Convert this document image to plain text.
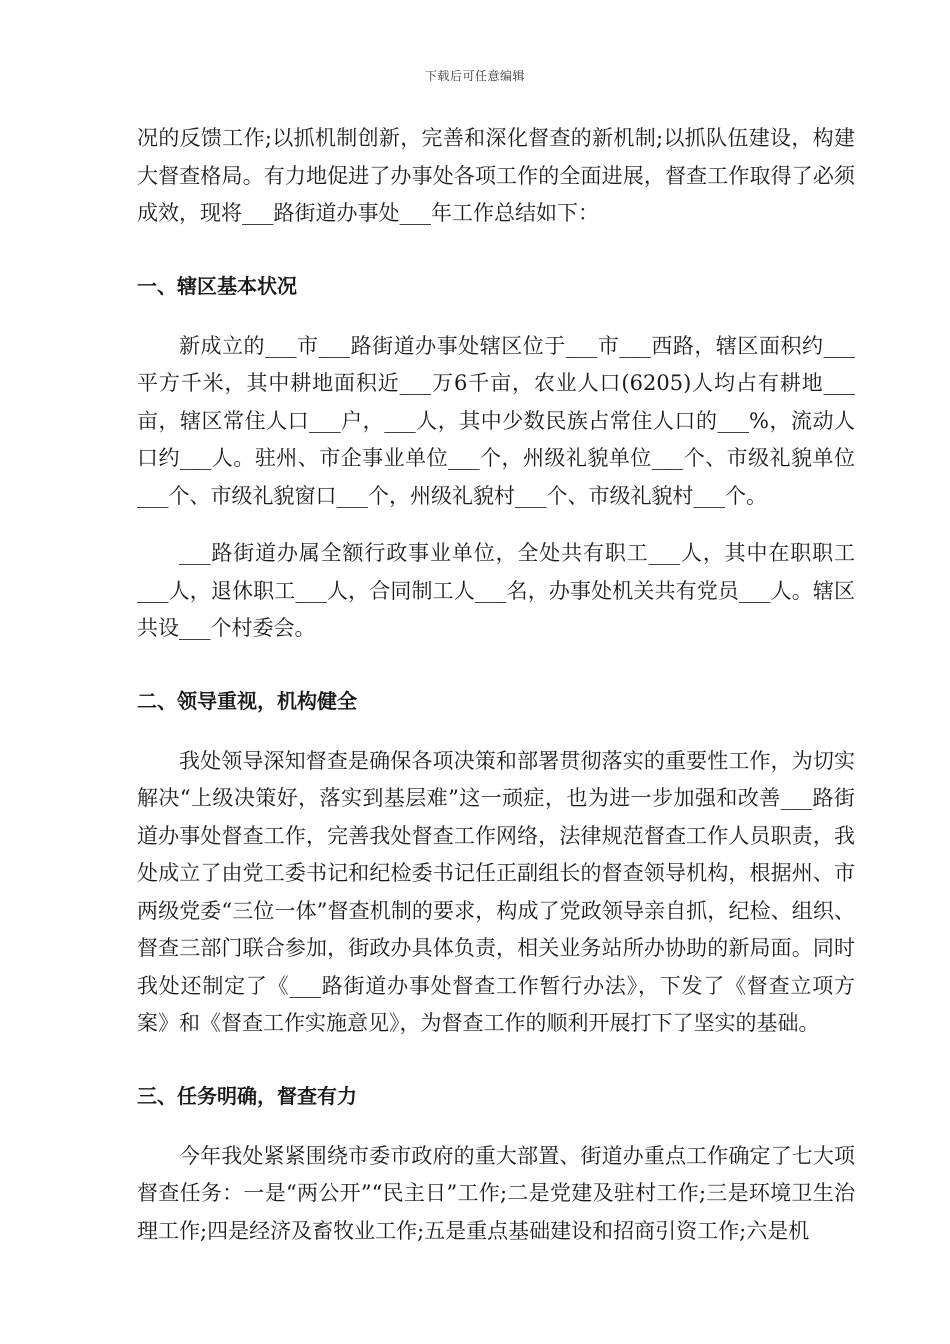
下载后可任意编辑

况的反馈工作;以抓机制创新，完善和深化督查的新机制;以抓队伍建设，构建大督查格局。有力地促进了办事处各项工作的全面进展，督查工作取得了必须成效，现将___路街道办事处___年工作总结如下：

一、辖区基本状况

新成立的___市___路街道办事处辖区位于___市___西路，辖区面积约___平方千米，其中耕地面积近___万6千亩，农业人口(6205)人均占有耕地___亩，辖区常住人口___户，___人，其中少数民族占常住人口的___%，流动人口约___人。驻州、市企事业单位___个，州级礼貌单位___个、市级礼貌单位___个、市级礼貌窗口___个，州级礼貌村___个、市级礼貌村___个。

___路街道办属全额行政事业单位，全处共有职工___人，其中在职职工___人，退休职工___人，合同制工人___名，办事处机关共有党员___人。辖区共设___个村委会。

二、领导重视，机构健全

我处领导深知督查是确保各项决策和部署贯彻落实的重要性工作，为切实解决“上级决策好，落实到基层难”这一顽症，也为进一步加强和改善___路街道办事处督查工作，完善我处督查工作网络，法律规范督查工作人员职责，我处成立了由党工委书记和纪检委书记任正副组长的督查领导机构，根据州、市两级党委“三位一体”督查机制的要求，构成了党政领导亲自抓，纪检、组织、督查三部门联合参加，街政办具体负责，相关业务站所办协助的新局面。同时我处还制定了《___路街道办事处督查工作暂行办法》，下发了《督查立项方案》和《督查工作实施意见》，为督查工作的顺利开展打下了坚实的基础。

三、任务明确，督查有力

今年我处紧紧围绕市委市政府的重大部置、街道办重点工作确定了七大项督查任务：一是“两公开”“民主日”工作;二是党建及驻村工作;三是环境卫生治理工作;四是经济及畜牧业工作;五是重点基础建设和招商引资工作;六是机
